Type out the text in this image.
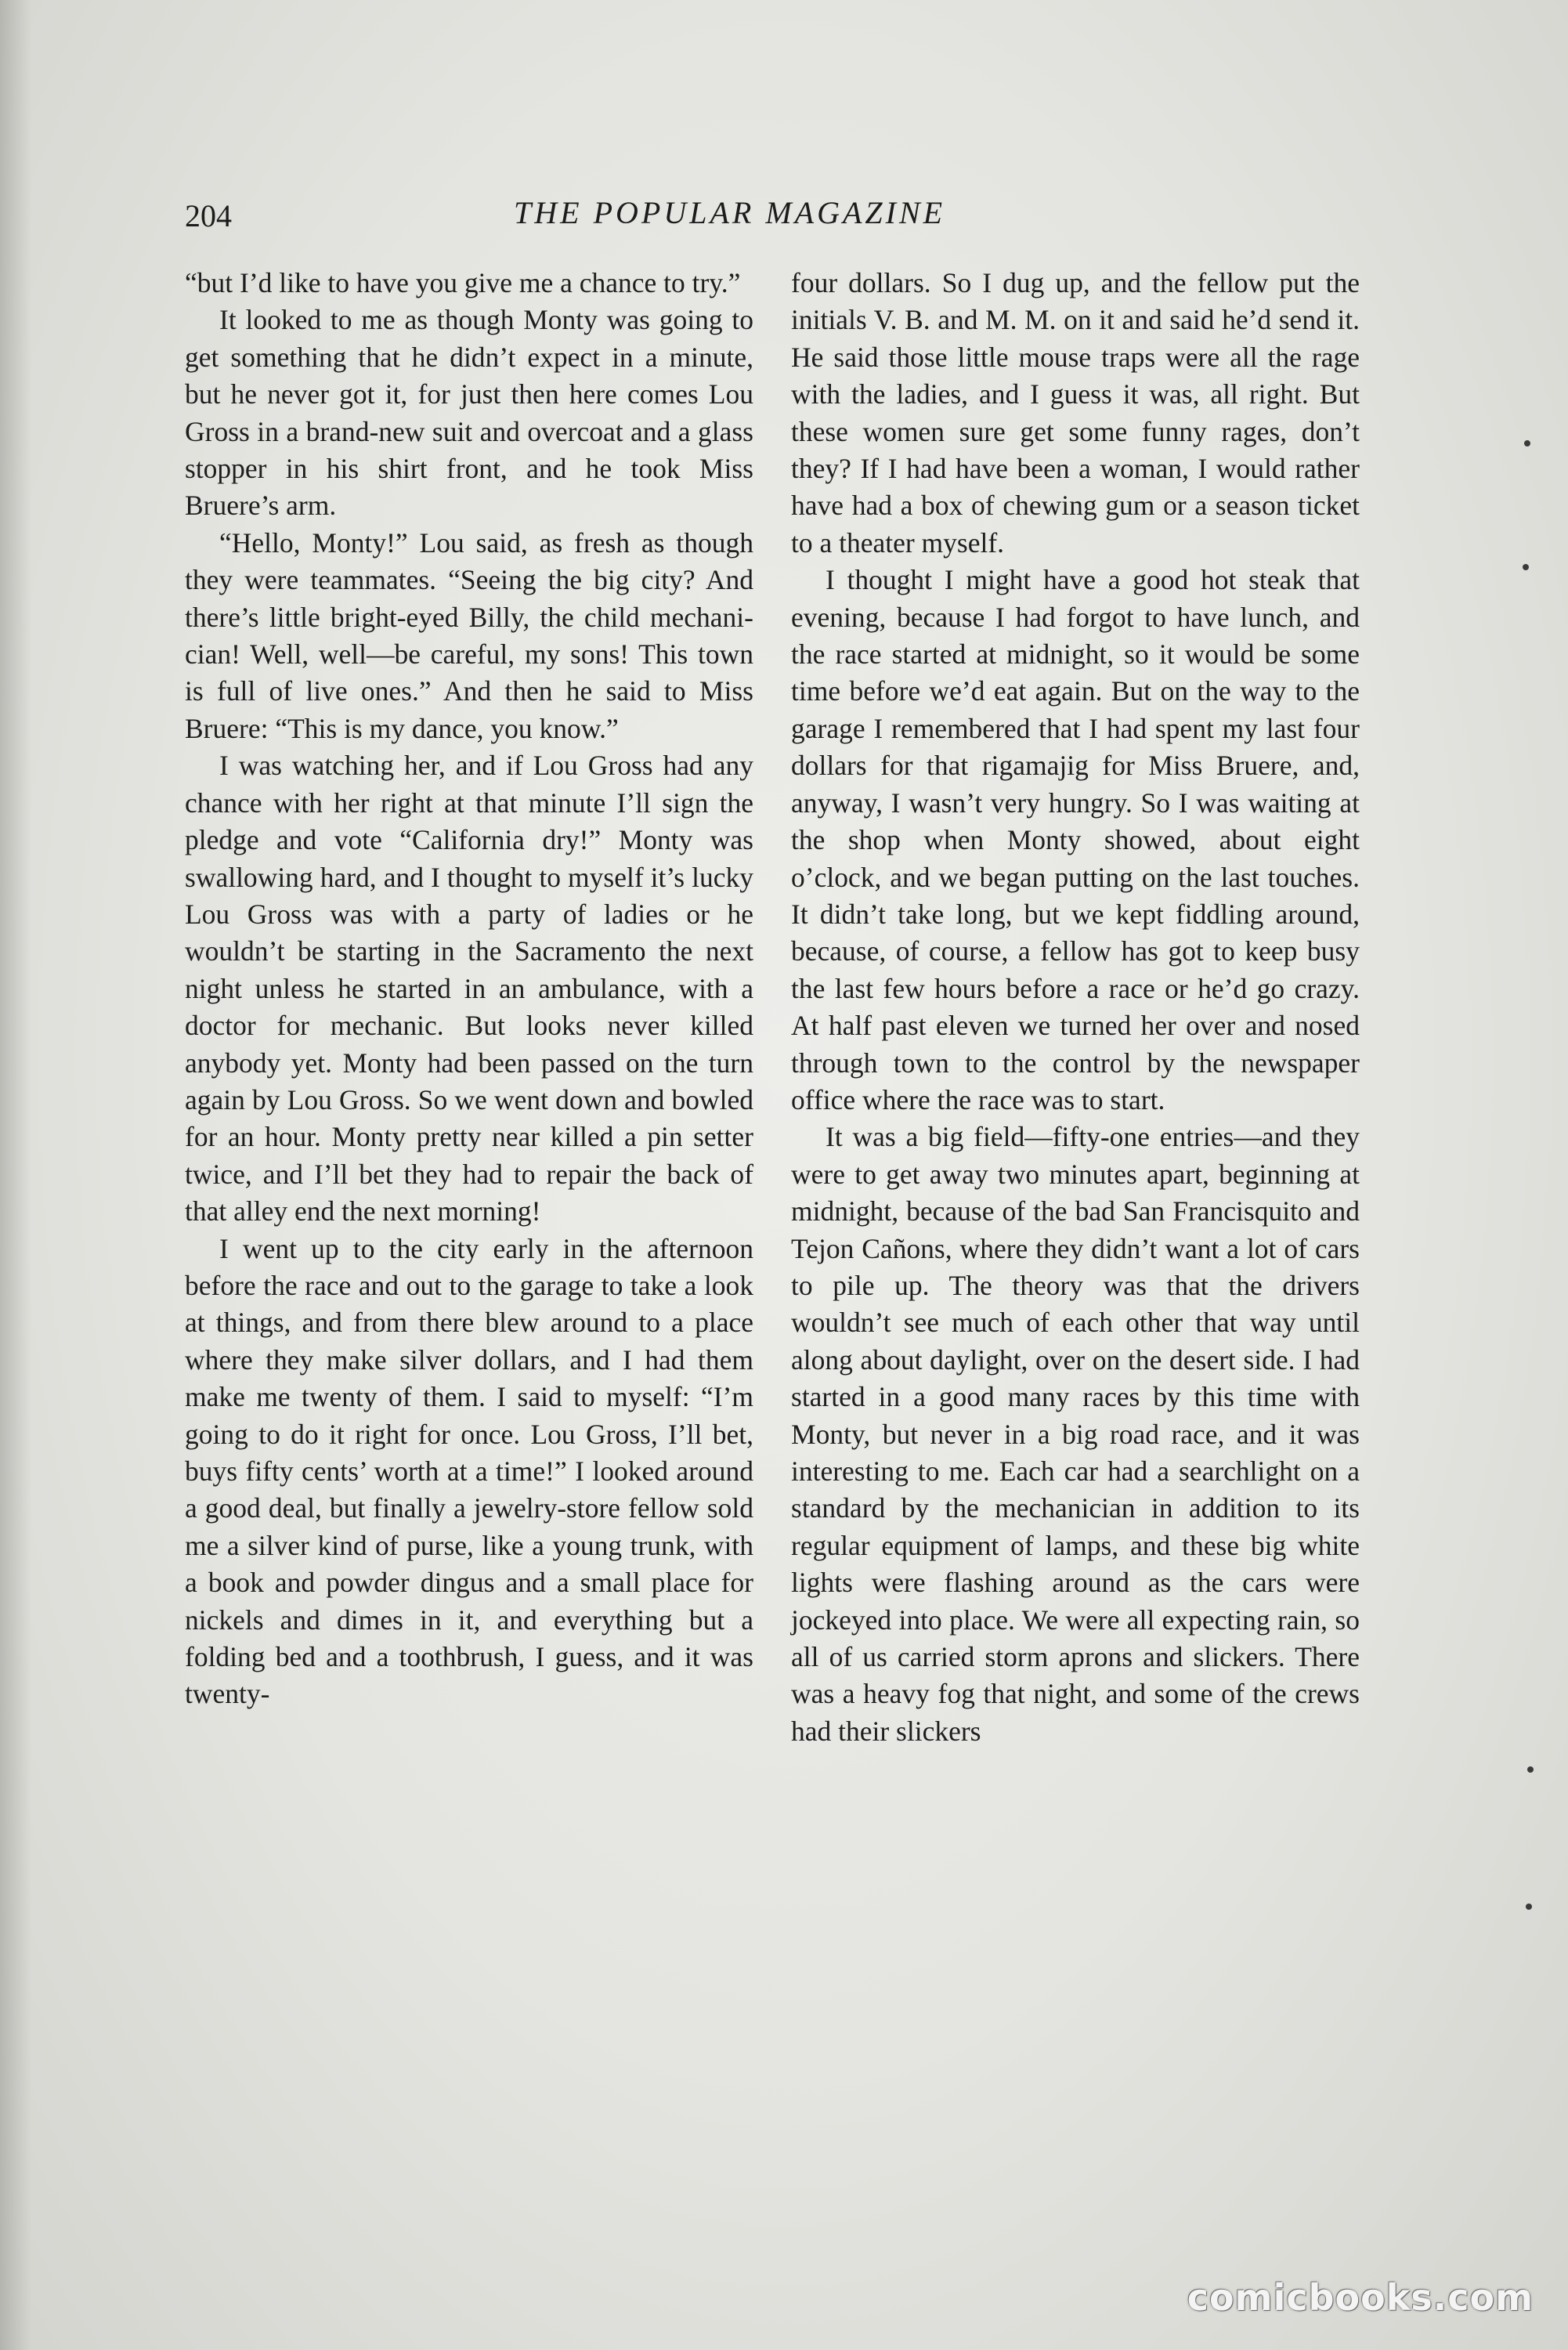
204	THE POPULAR MAGAZINE

“but I’d like to have you give me a chance to try.”

It looked to me as though Monty was going to get something that he didn’t expect in a minute, but he never got it, for just then here comes Lou Gross in a brand-new suit and overcoat and a glass stopper in his shirt front, and he took Miss Bruere’s arm.

“Hello, Monty!” Lou said, as fresh as though they were teammates. “Seeing the big city? And there’s little bright-eyed Billy, the child mechanician! Well, well—be careful, my sons! This town is full of live ones.” And then he said to Miss Bruere: “This is my dance, you know.”

I was watching her, and if Lou Gross had any chance with her right at that minute I’ll sign the pledge and vote “California dry!” Monty was swallowing hard, and I thought to myself it’s lucky Lou Gross was with a party of ladies or he wouldn’t be starting in the Sacramento the next night unless he started in an ambulance, with a doctor for mechanic. But looks never killed anybody yet. Monty had been passed on the turn again by Lou Gross. So we went down and bowled for an hour. Monty pretty near killed a pin setter twice, and I’ll bet they had to repair the back of that alley end the next morning!

I went up to the city early in the afternoon before the race and out to the garage to take a look at things, and from there blew around to a place where they make silver dollars, and I had them make me twenty of them. I said to myself: “I’m going to do it right for once. Lou Gross, I’ll bet, buys fifty cents’ worth at a time!” I looked around a good deal, but finally a jewelry-store fellow sold me a silver kind of purse, like a young trunk, with a book and powder dingus and a small place for nickels and dimes in it, and everything but a folding bed and a toothbrush, I guess, and it was twenty-

four dollars. So I dug up, and the fellow put the initials V. B. and M. M. on it and said he’d send it. He said those little mouse traps were all the rage with the ladies, and I guess it was, all right. But these women sure get some funny rages, don’t they? If I had have been a woman, I would rather have had a box of chewing gum or a season ticket to a theater myself.

I thought I might have a good hot steak that evening, because I had forgot to have lunch, and the race started at midnight, so it would be some time before we’d eat again. But on the way to the garage I remembered that I had spent my last four dollars for that rigamajig for Miss Bruere, and, anyway, I wasn’t very hungry. So I was waiting at the shop when Monty showed, about eight o’clock, and we began putting on the last touches. It didn’t take long, but we kept fiddling around, because, of course, a fellow has got to keep busy the last few hours before a race or he’d go crazy. At half past eleven we turned her over and nosed through town to the control by the newspaper office where the race was to start.

It was a big field—fifty-one entries—and they were to get away two minutes apart, beginning at midnight, because of the bad San Francisquito and Tejon Cañons, where they didn’t want a lot of cars to pile up. The theory was that the drivers wouldn’t see much of each other that way until along about daylight, over on the desert side. I had started in a good many races by this time with Monty, but never in a big road race, and it was interesting to me. Each car had a searchlight on a standard by the mechanician in addition to its regular equipment of lamps, and these big white lights were flashing around as the cars were jockeyed into place. We were all expecting rain, so all of us carried storm aprons and slickers. There was a heavy fog that night, and some of the crews had their slickers

comicbooks.com
